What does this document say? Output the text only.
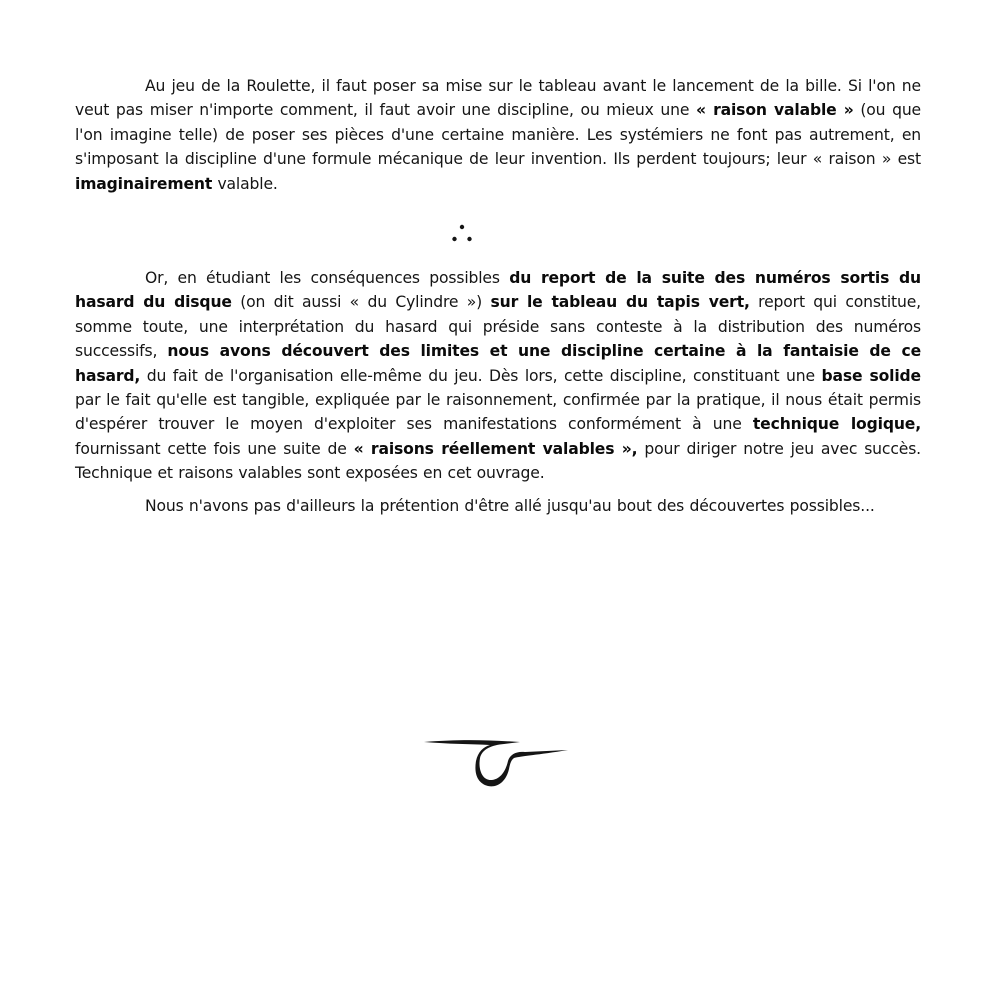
Au jeu de la Roulette, il faut poser sa mise sur le tableau avant le lancement de la bille. Si l'on ne veut pas miser n'importe comment, il faut avoir une discipline, ou mieux une « raison valable » (ou que l'on imagine telle) de poser ses pièces d'une certaine manière. Les systémiers ne font pas autrement, en s'imposant la discipline d'une formule mécanique de leur invention. Ils perdent toujours; leur « raison » est imaginairement valable.

Or, en étudiant les conséquences possibles du report de la suite des numéros sortis du hasard du disque (on dit aussi « du Cylindre ») sur le tableau du tapis vert, report qui constitue, somme toute, une interprétation du hasard qui préside sans conteste à la distribution des numéros successifs, nous avons découvert des limites et une discipline certaine à la fantaisie de ce hasard, du fait de l'organisation elle-même du jeu. Dès lors, cette discipline, constituant une base solide par le fait qu'elle est tangible, expliquée par le raisonnement, confirmée par la pratique, il nous était permis d'espérer trouver le moyen d'exploiter ses manifestations conformément à une technique logique, fournissant cette fois une suite de « raisons réellement valables », pour diriger notre jeu avec succès. Technique et raisons valables sont exposées en cet ouvrage.

Nous n'avons pas d'ailleurs la prétention d'être allé jusqu'au bout des découvertes possibles...
